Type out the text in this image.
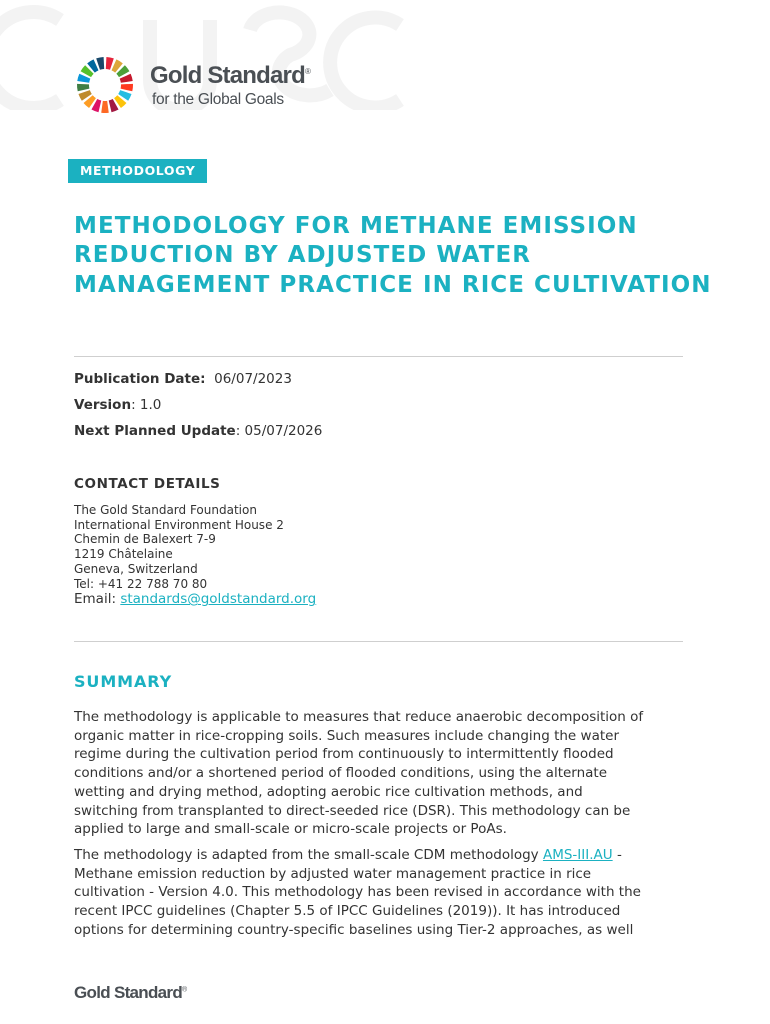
Gold Standard®
for the Global Goals
METHODOLOGY
METHODOLOGY FOR METHANE EMISSION REDUCTION BY ADJUSTED WATER MANAGEMENT PRACTICE IN RICE CULTIVATION
Publication Date: 06/07/2023
Version: 1.0
Next Planned Update: 05/07/2026
CONTACT DETAILS
The Gold Standard Foundation
International Environment House 2
Chemin de Balexert 7-9
1219 Châtelaine
Geneva, Switzerland
Tel: +41 22 788 70 80
Email: standards@goldstandard.org
SUMMARY
The methodology is applicable to measures that reduce anaerobic decomposition of
organic matter in rice-cropping soils. Such measures include changing the water
regime during the cultivation period from continuously to intermittently flooded
conditions and/or a shortened period of flooded conditions, using the alternate
wetting and drying method, adopting aerobic rice cultivation methods, and
switching from transplanted to direct-seeded rice (DSR). This methodology can be
applied to large and small-scale or micro-scale projects or PoAs.
The methodology is adapted from the small-scale CDM methodology AMS-III.AU -
Methane emission reduction by adjusted water management practice in rice
cultivation - Version 4.0. This methodology has been revised in accordance with the
recent IPCC guidelines (Chapter 5.5 of IPCC Guidelines (2019)). It has introduced
options for determining country-specific baselines using Tier-2 approaches, as well
Gold Standard®
